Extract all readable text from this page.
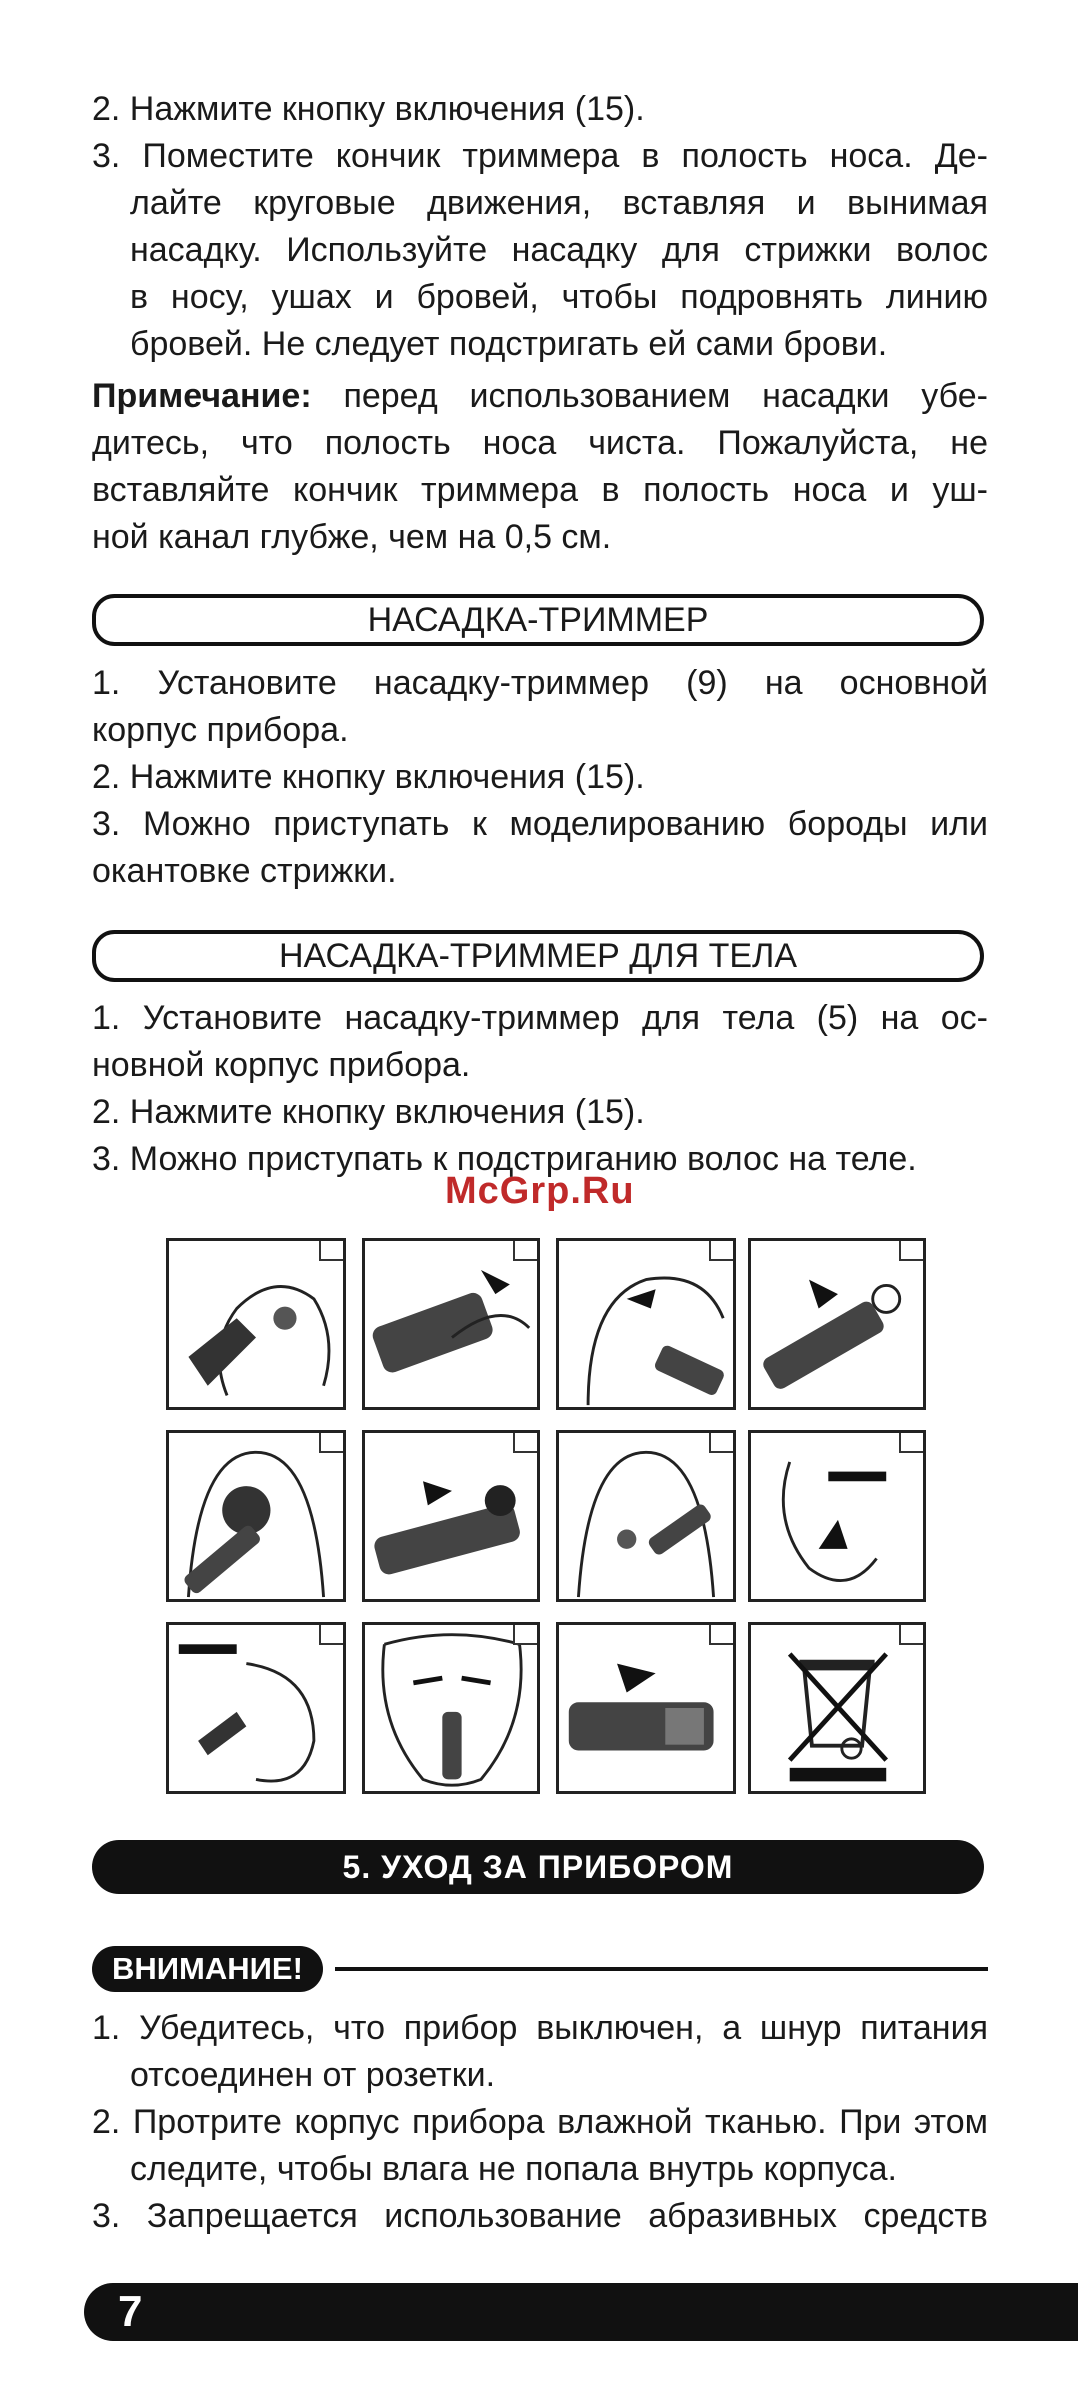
2. Нажмите кнопку включения (15).
3. Поместите кончик триммера в полость носа. Де-
лайте круговые движения, вставляя и вынимая
насадку. Используйте насадку для стрижки волос
в носу, ушах и бровей, чтобы подровнять линию
бровей. Не следует подстригать ей сами брови.
Примечание: перед использованием насадки убе-
дитесь, что полость носа чиста. Пожалуйста, не
вставляйте кончик триммера в полость носа и уш-
ной канал глубже, чем на 0,5 см.
НАСАДКА-ТРИММЕР
1. Установите насадку-триммер (9) на основной
корпус прибора.
2. Нажмите кнопку включения (15).
3. Можно приступать к моделированию бороды или
окантовке стрижки.
НАСАДКА-ТРИММЕР ДЛЯ ТЕЛА
1. Установите насадку-триммер для тела (5) на ос-
новной корпус прибора.
2. Нажмите кнопку включения (15).
3. Можно приступать к подстриганию волос на теле.
McGrp.Ru
5. УХОД ЗА ПРИБОРОМ
ВНИМАНИЕ!
1. Убедитесь, что прибор выключен, а шнур питания
отсоединен от розетки.
2. Протрите корпус прибора влажной тканью. При этом
следите, чтобы влага не попала внутрь корпуса.
3. Запрещается использование абразивных средств
7
